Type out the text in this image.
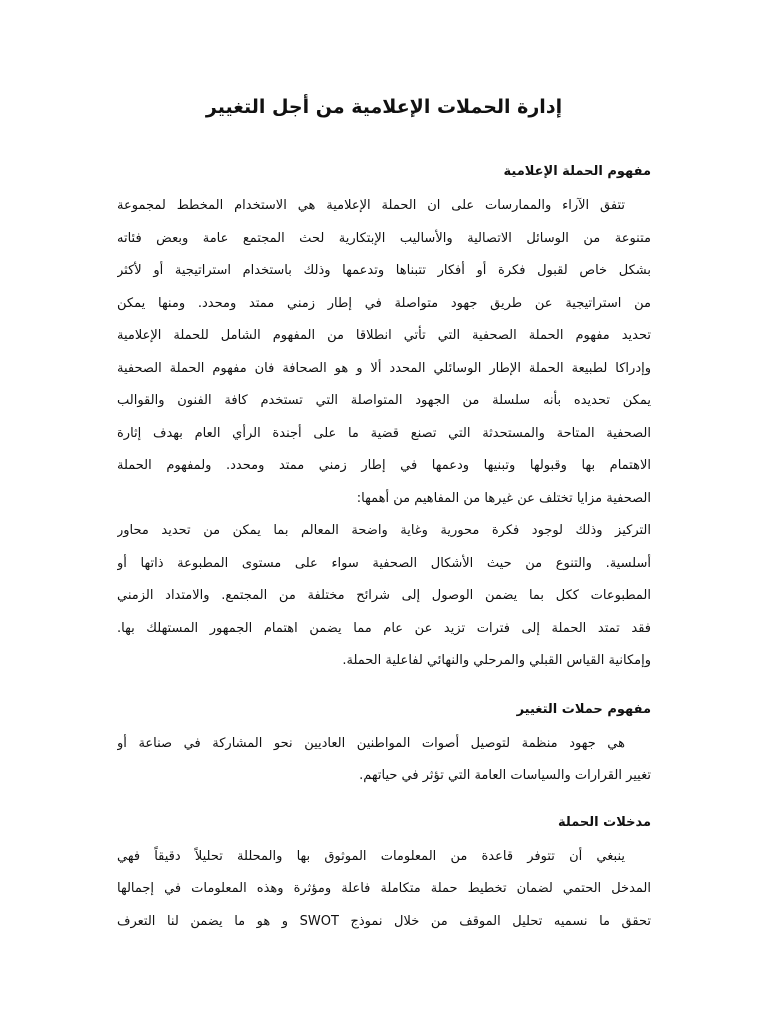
إدارة الحملات الإعلامية من أجل التغيير
مفهوم الحملة الإعلامية
تتفق الآراء والممارسات على ان الحملة الإعلامية هي الاستخدام المخطط لمجموعة
متنوعة من الوسائل الاتصالية والأساليب الإبتكارية لحث المجتمع عامة وبعض فئاته
بشكل خاص لقبول فكرة أو أفكار تتبناها وتدعمها وذلك باستخدام استراتيجية أو لأكثر
من استراتيجية عن طريق جهود متواصلة في إطار زمني ممتد ومحدد. ومنها يمكن
تحديد مفهوم الحملة الصحفية التي تأتي انطلاقا من المفهوم الشامل للحملة الإعلامية
وإدراكا لطبيعة الحملة الإطار الوسائلي المحدد ألا و هو الصحافة فان مفهوم الحملة الصحفية
يمكن تحديده بأنه سلسلة من الجهود المتواصلة التي تستخدم كافة الفنون والقوالب
الصحفية المتاحة والمستحدثة التي تصنع قضية ما على أجندة الرأي العام بهدف إثارة
الاهتمام بها وقبولها وتبنيها ودعمها في إطار زمني ممتد ومحدد. ولمفهوم الحملة
الصحفية مزايا تختلف عن غيرها من المفاهيم من أهمها:
التركيز وذلك لوجود فكرة محورية وغاية واضحة المعالم بما يمكن من تحديد محاور
أسلسية. والتنوع من حيث الأشكال الصحفية سواء على مستوى المطبوعة ذاتها أو
المطبوعات ككل بما يضمن الوصول إلى شرائح مختلفة من المجتمع. والامتداد الزمني
فقد تمتد الحملة إلى فترات تزيد عن عام مما يضمن اهتمام الجمهور المستهلك بها.
وإمكانية القياس القبلي والمرحلي والنهائي لفاعلية الحملة.
مفهوم حملات التغيير
هي جهود منظمة لتوصيل أصوات المواطنين العاديين نحو المشاركة في صناعة أو
تغيير القرارات والسياسات العامة التي تؤثر في حياتهم.
مدخلات الحملة
ينبغي أن تتوفر قاعدة من المعلومات الموثوق بها والمحللة تحليلاً دقيقاً فهي
المدخل الحتمي لضمان تخطيط حملة متكاملة فاعلة ومؤثرة وهذه المعلومات في إجمالها
تحقق ما نسميه تحليل الموقف من خلال نموذج SWOT و هو ما يضمن لنا التعرف
